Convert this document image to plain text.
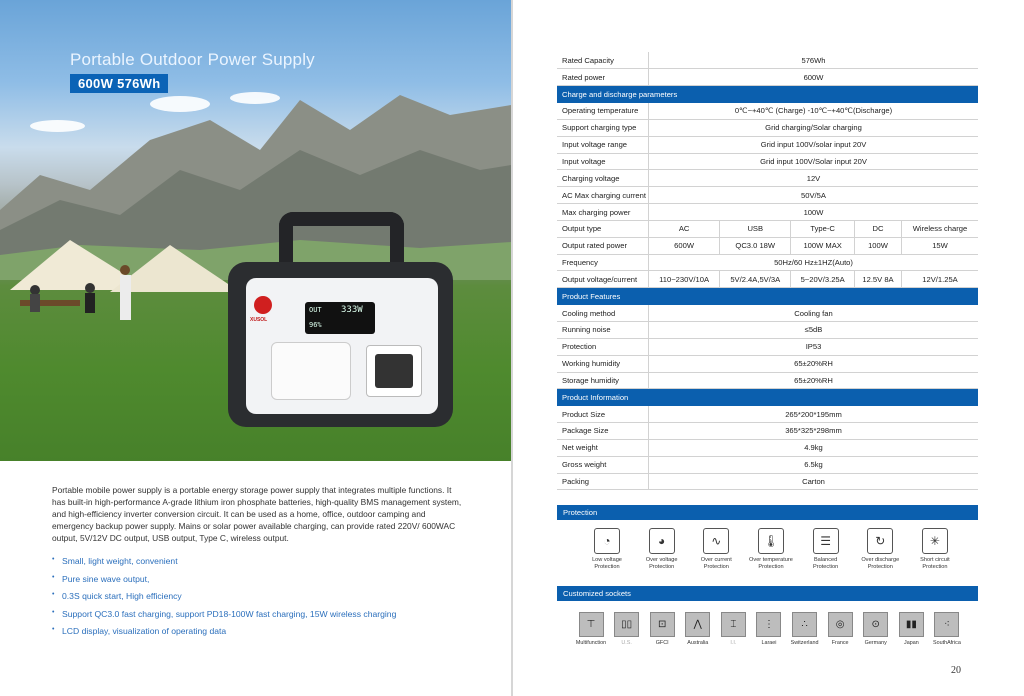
Portable Outdoor Power Supply
600W 576Wh
XUSOL
OUT 333W
96%

Portable mobile power supply is a portable energy storage power supply that integrates multiple functions. It has built-in high-performance A-grade lithium iron phosphate batteries, high-quality BMS management system, and high-efficiency inverter conversion circuit. It can be used as a home, office, outdoor camping and emergency backup power supply. Mains or solar power available charging, can provide rated 220V/ 600WAC output, 5V/12V DC output, USB output, Type C, wireless output.

• Small, light weight, convenient
• Pure sine wave output,
• 0.3S quick start, High efficiency
• Support QC3.0 fast charging, support PD18-100W fast charging, 15W wireless charging
• LCD display, visualization of operating data
Rated Capacity	576Wh				
Rated power	600W				
Charge and discharge parameters					
Operating temperature	0℃~+40℃ (Charge) -10℃~+40℃(Discharge)				
Support charging type	Grid charging/Solar charging				
Input voltage range	Grid input 100V/solar input 20V				
Input voltage	Grid input 100V/Solar input 20V				
Charging voltage	12V				
AC Max charging current	50V/5A				
Max charging power	100W				
Output type	AC	USB	Type-C	DC	Wireless charge
Output rated power	600W	QC3.0 18W	100W MAX	100W	15W
Frequency	50Hz/60 Hz±1HZ(Auto)				
Output voltage/current	110~230V/10A	5V/2.4A,5V/3A	5~20V/3.25A	12.5V 8A	12V/1.25A
Product Features					
Cooling method	Cooling fan				
Running noise	≤5dB				
Protection	IP53				
Working humidity	65±20%RH				
Storage humidity	65±20%RH				
Product Information					
Product Size	265*200*195mm				
Package Size	365*325*298mm				
Net weight	4.9kg				
Gross weight	6.5kg				
Packing	Carton				
Protection
◔
Low voltage
Protection
◕
Over voltage
Protection
∿
Over current
Protection
🌡
Over temperature
Protection
☰
Balanced
Protection
↻
Over discharge
Protection
✳
Short circuit
Protection
Customized sockets
⊤
Multifunction
▯▯
U.S.
⊡
GFCI
⋀
Australia
⌶
I.I.
⋮
Laraei
∴
Switzerland
◎
France
⊙
Germany
▮▮
Japan
⁖
SouthAfrica
20
